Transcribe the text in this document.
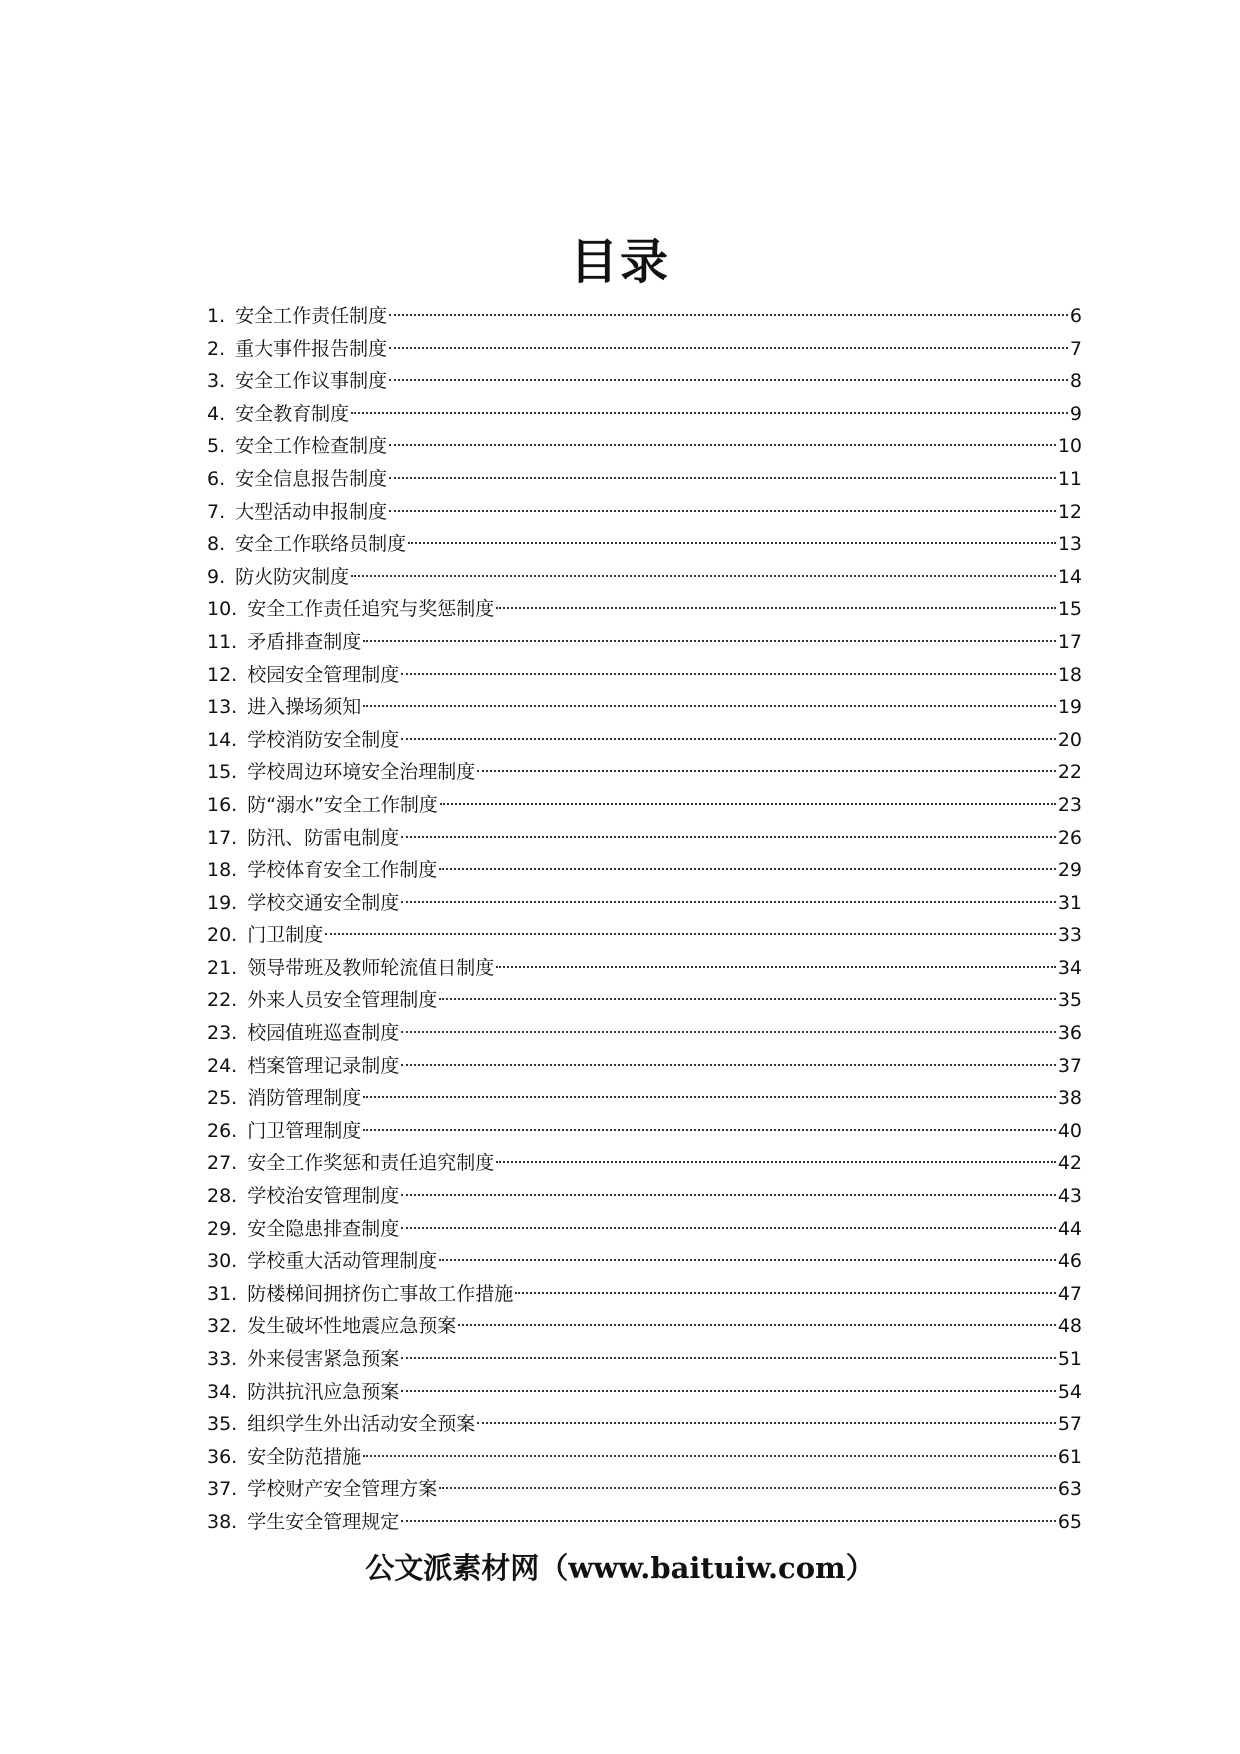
目录
1. 安全工作责任制度	6
2. 重大事件报告制度	7
3. 安全工作议事制度	8
4. 安全教育制度	9
5. 安全工作检查制度	10
6. 安全信息报告制度	11
7. 大型活动申报制度	12
8. 安全工作联络员制度	13
9. 防火防灾制度	14
10. 安全工作责任追究与奖惩制度	15
11. 矛盾排查制度	17
12. 校园安全管理制度	18
13. 进入操场须知	19
14. 学校消防安全制度	20
15. 学校周边环境安全治理制度	22
16. 防“溺水”安全工作制度	23
17. 防汛、防雷电制度	26
18. 学校体育安全工作制度	29
19. 学校交通安全制度	31
20. 门卫制度	33
21. 领导带班及教师轮流值日制度	34
22. 外来人员安全管理制度	35
23. 校园值班巡查制度	36
24. 档案管理记录制度	37
25. 消防管理制度	38
26. 门卫管理制度	40
27. 安全工作奖惩和责任追究制度	42
28. 学校治安管理制度	43
29. 安全隐患排查制度	44
30. 学校重大活动管理制度	46
31. 防楼梯间拥挤伤亡事故工作措施	47
32. 发生破坏性地震应急预案	48
33. 外来侵害紧急预案	51
34. 防洪抗汛应急预案	54
35. 组织学生外出活动安全预案	57
36. 安全防范措施	61
37. 学校财产安全管理方案	63
38. 学生安全管理规定	65
公文派素材网（www.baituiw.com）
